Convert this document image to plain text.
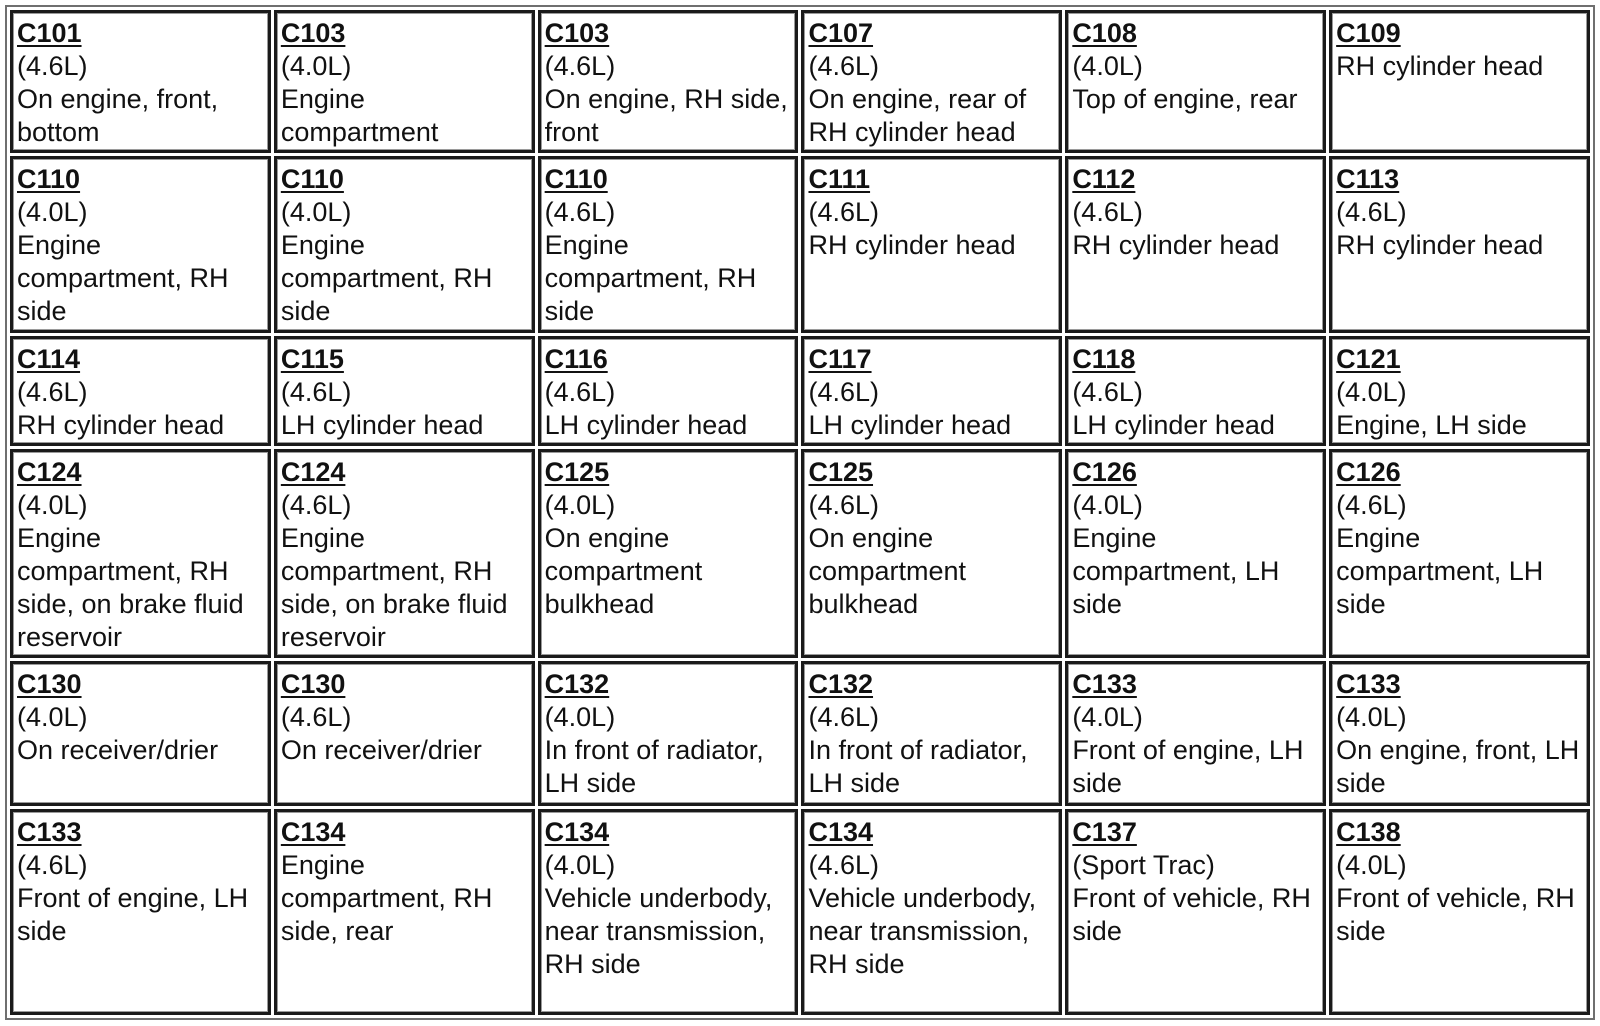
C101
(4.6L)
On engine, front, bottom	C103
(4.0L)
Engine compartment	C103
(4.6L)
On engine, RH side, front	C107
(4.6L)
On engine, rear of RH cylinder head	C108
(4.0L)
Top of engine, rear	C109
RH cylinder head

C110
(4.0L)
Engine compartment, RH side	C110
(4.0L)
Engine compartment, RH side	C110
(4.6L)
Engine compartment, RH side	C111
(4.6L)
RH cylinder head	C112
(4.6L)
RH cylinder head	C113
(4.6L)
RH cylinder head

C114
(4.6L)
RH cylinder head	C115
(4.6L)
LH cylinder head	C116
(4.6L)
LH cylinder head	C117
(4.6L)
LH cylinder head	C118
(4.6L)
LH cylinder head	C121
(4.0L)
Engine, LH side

C124
(4.0L)
Engine compartment, RH side, on brake fluid reservoir	C124
(4.6L)
Engine compartment, RH side, on brake fluid reservoir	C125
(4.0L)
On engine compartment bulkhead	C125
(4.6L)
On engine compartment bulkhead	C126
(4.0L)
Engine compartment, LH side	C126
(4.6L)
Engine compartment, LH side

C130
(4.0L)
On receiver/drier	C130
(4.6L)
On receiver/drier	C132
(4.0L)
In front of radiator, LH side	C132
(4.6L)
In front of radiator, LH side	C133
(4.0L)
Front of engine, LH side	C133
(4.0L)
On engine, front, LH side

C133
(4.6L)
Front of engine, LH side	C134
Engine compartment, RH side, rear	C134
(4.0L)
Vehicle underbody, near transmission, RH side	C134
(4.6L)
Vehicle underbody, near transmission, RH side	C137
(Sport Trac)
Front of vehicle, RH side	C138
(4.0L)
Front of vehicle, RH side
